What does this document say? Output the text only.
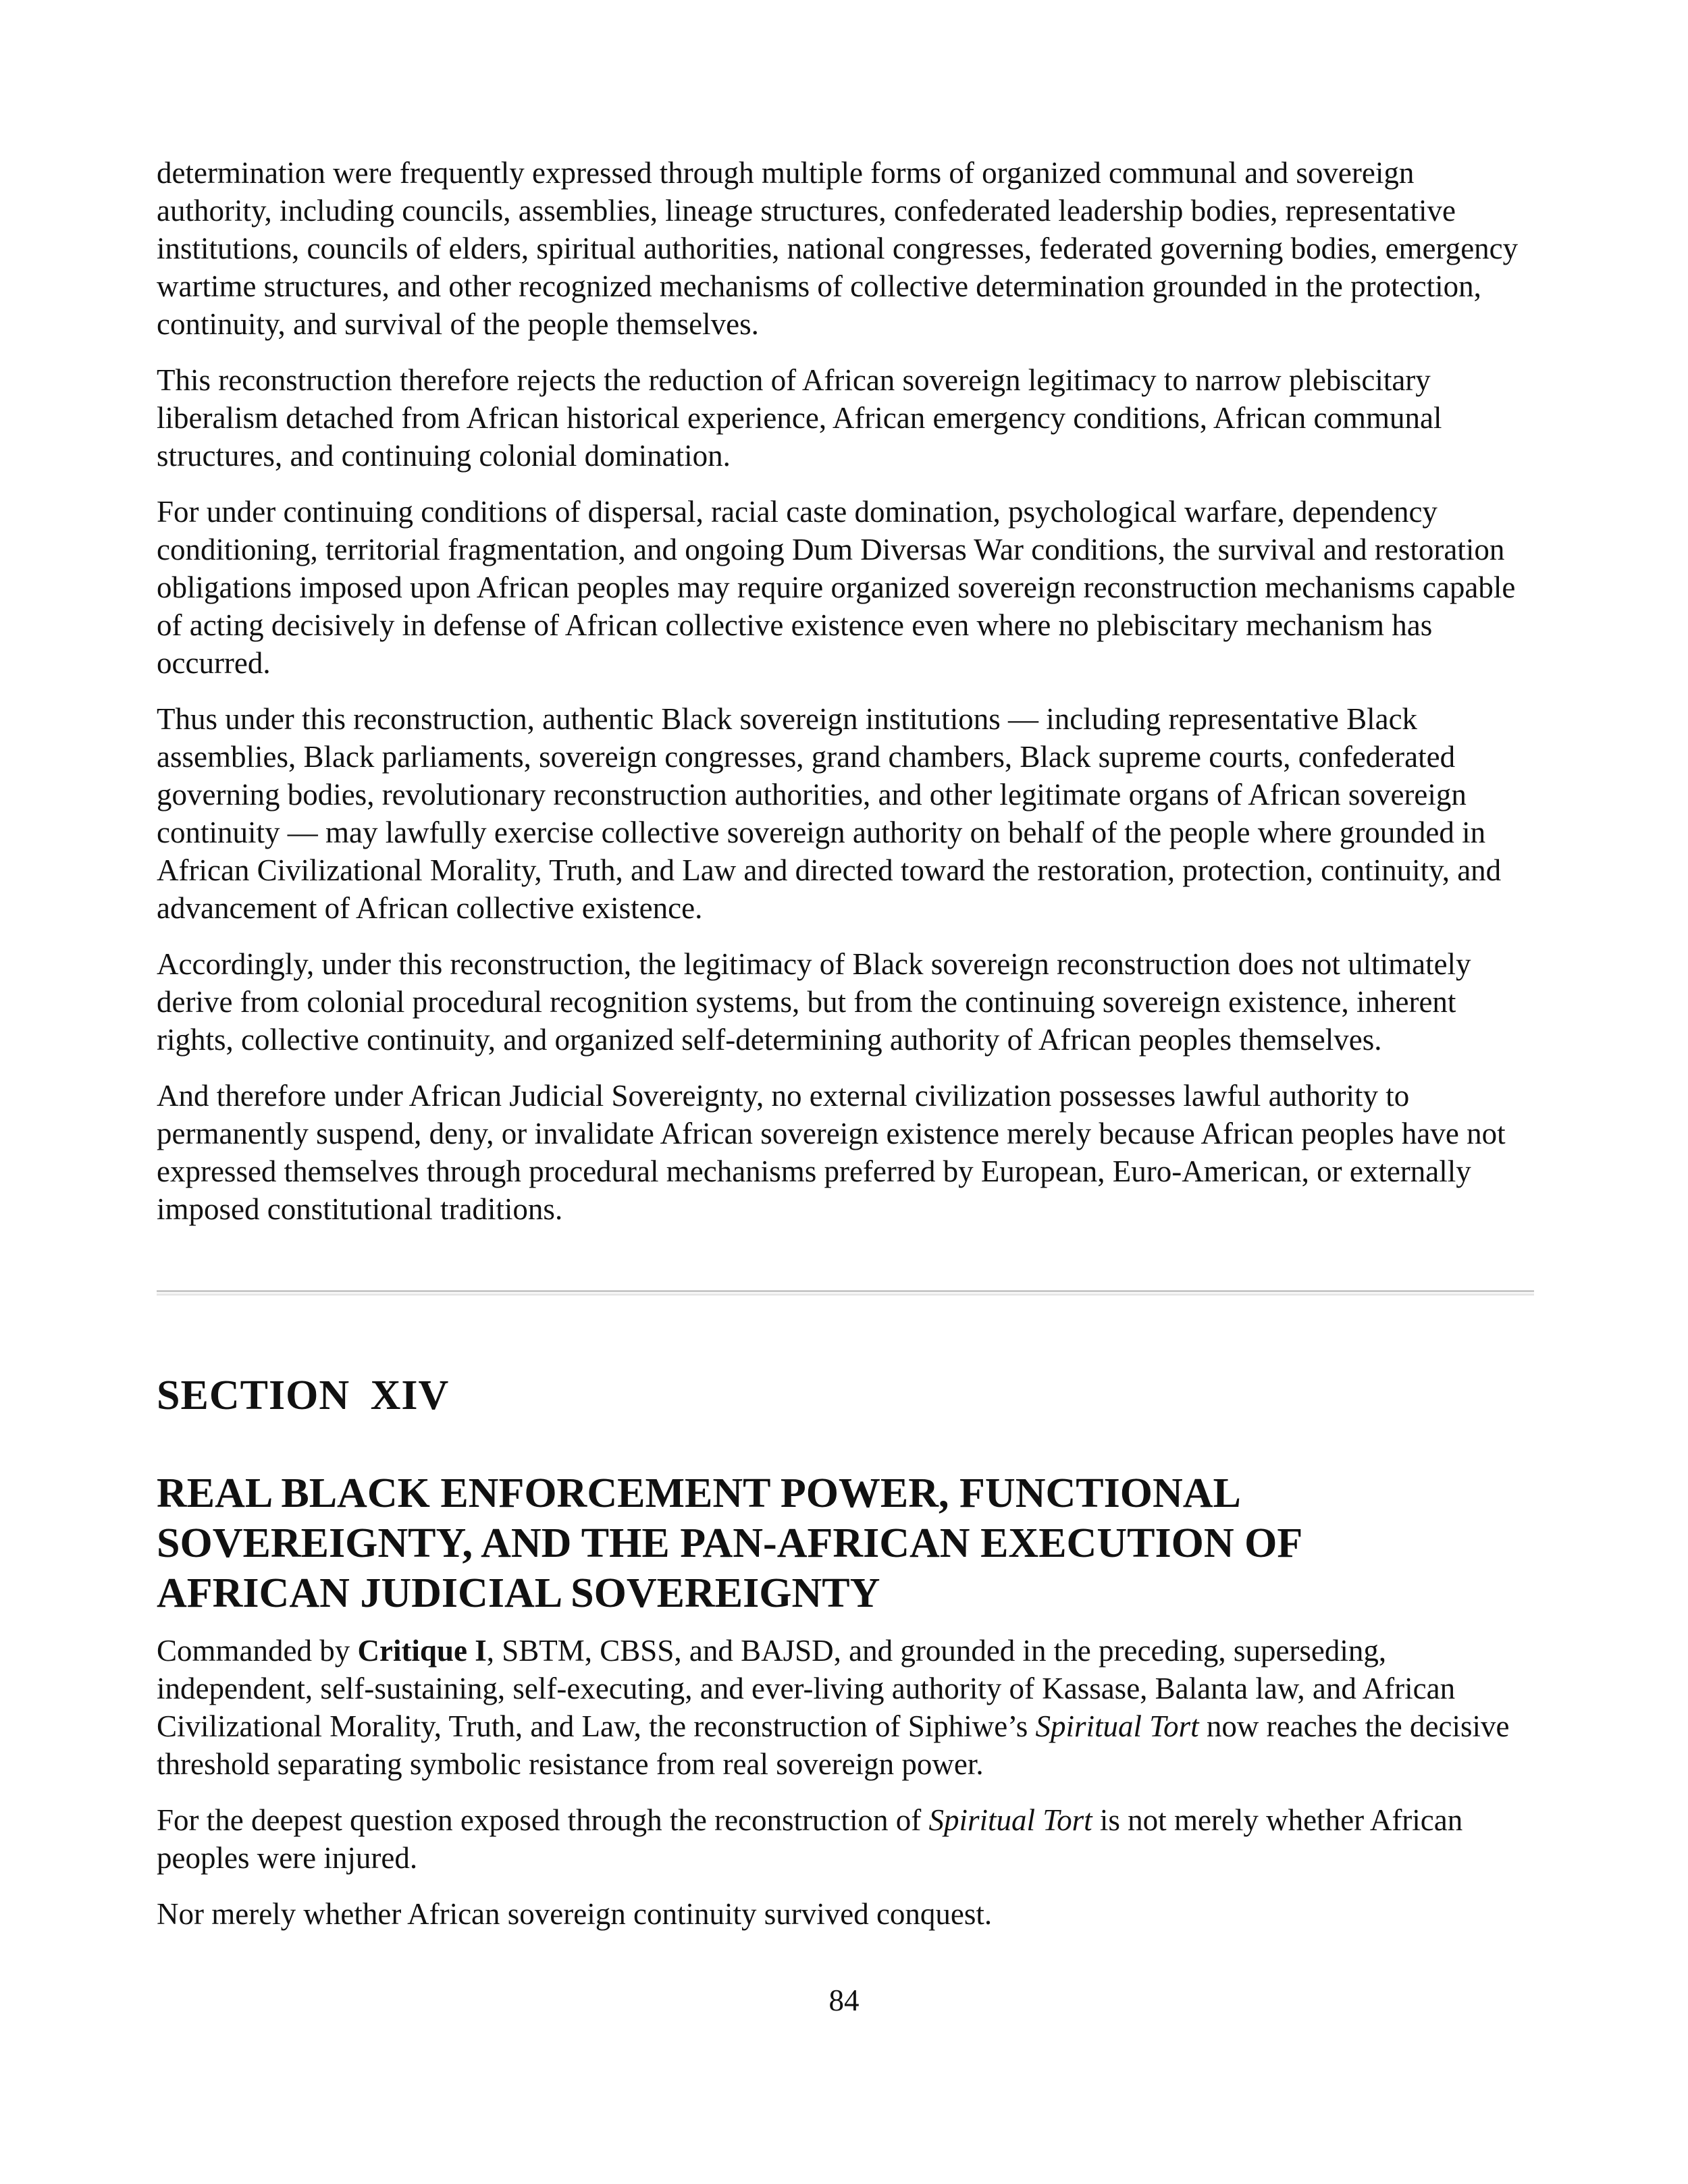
determination were frequently expressed through multiple forms of organized communal and sovereign authority, including councils, assemblies, lineage structures, confederated leadership bodies, representative institutions, councils of elders, spiritual authorities, national congresses, federated governing bodies, emergency wartime structures, and other recognized mechanisms of collective determination grounded in the protection, continuity, and survival of the people themselves.

This reconstruction therefore rejects the reduction of African sovereign legitimacy to narrow plebiscitary liberalism detached from African historical experience, African emergency conditions, African communal structures, and continuing colonial domination.

For under continuing conditions of dispersal, racial caste domination, psychological warfare, dependency conditioning, territorial fragmentation, and ongoing Dum Diversas War conditions, the survival and restoration obligations imposed upon African peoples may require organized sovereign reconstruction mechanisms capable of acting decisively in defense of African collective existence even where no plebiscitary mechanism has occurred.

Thus under this reconstruction, authentic Black sovereign institutions — including representative Black assemblies, Black parliaments, sovereign congresses, grand chambers, Black supreme courts, confederated governing bodies, revolutionary reconstruction authorities, and other legitimate organs of African sovereign continuity — may lawfully exercise collective sovereign authority on behalf of the people where grounded in African Civilizational Morality, Truth, and Law and directed toward the restoration, protection, continuity, and advancement of African collective existence.

Accordingly, under this reconstruction, the legitimacy of Black sovereign reconstruction does not ultimately derive from colonial procedural recognition systems, but from the continuing sovereign existence, inherent rights, collective continuity, and organized self-determining authority of African peoples themselves.

And therefore under African Judicial Sovereignty, no external civilization possesses lawful authority to permanently suspend, deny, or invalidate African sovereign existence merely because African peoples have not expressed themselves through procedural mechanisms preferred by European, Euro-American, or externally imposed constitutional traditions.

SECTION XIV
REAL BLACK ENFORCEMENT POWER, FUNCTIONAL
SOVEREIGNTY, AND THE PAN-AFRICAN EXECUTION OF
AFRICAN JUDICIAL SOVEREIGNTY

Commanded by Critique I, SBTM, CBSS, and BAJSD, and grounded in the preceding, superseding, independent, self-sustaining, self-executing, and ever-living authority of Kassase, Balanta law, and African Civilizational Morality, Truth, and Law, the reconstruction of Siphiwe’s Spiritual Tort now reaches the decisive threshold separating symbolic resistance from real sovereign power.

For the deepest question exposed through the reconstruction of Spiritual Tort is not merely whether African peoples were injured.

Nor merely whether African sovereign continuity survived conquest.

84
